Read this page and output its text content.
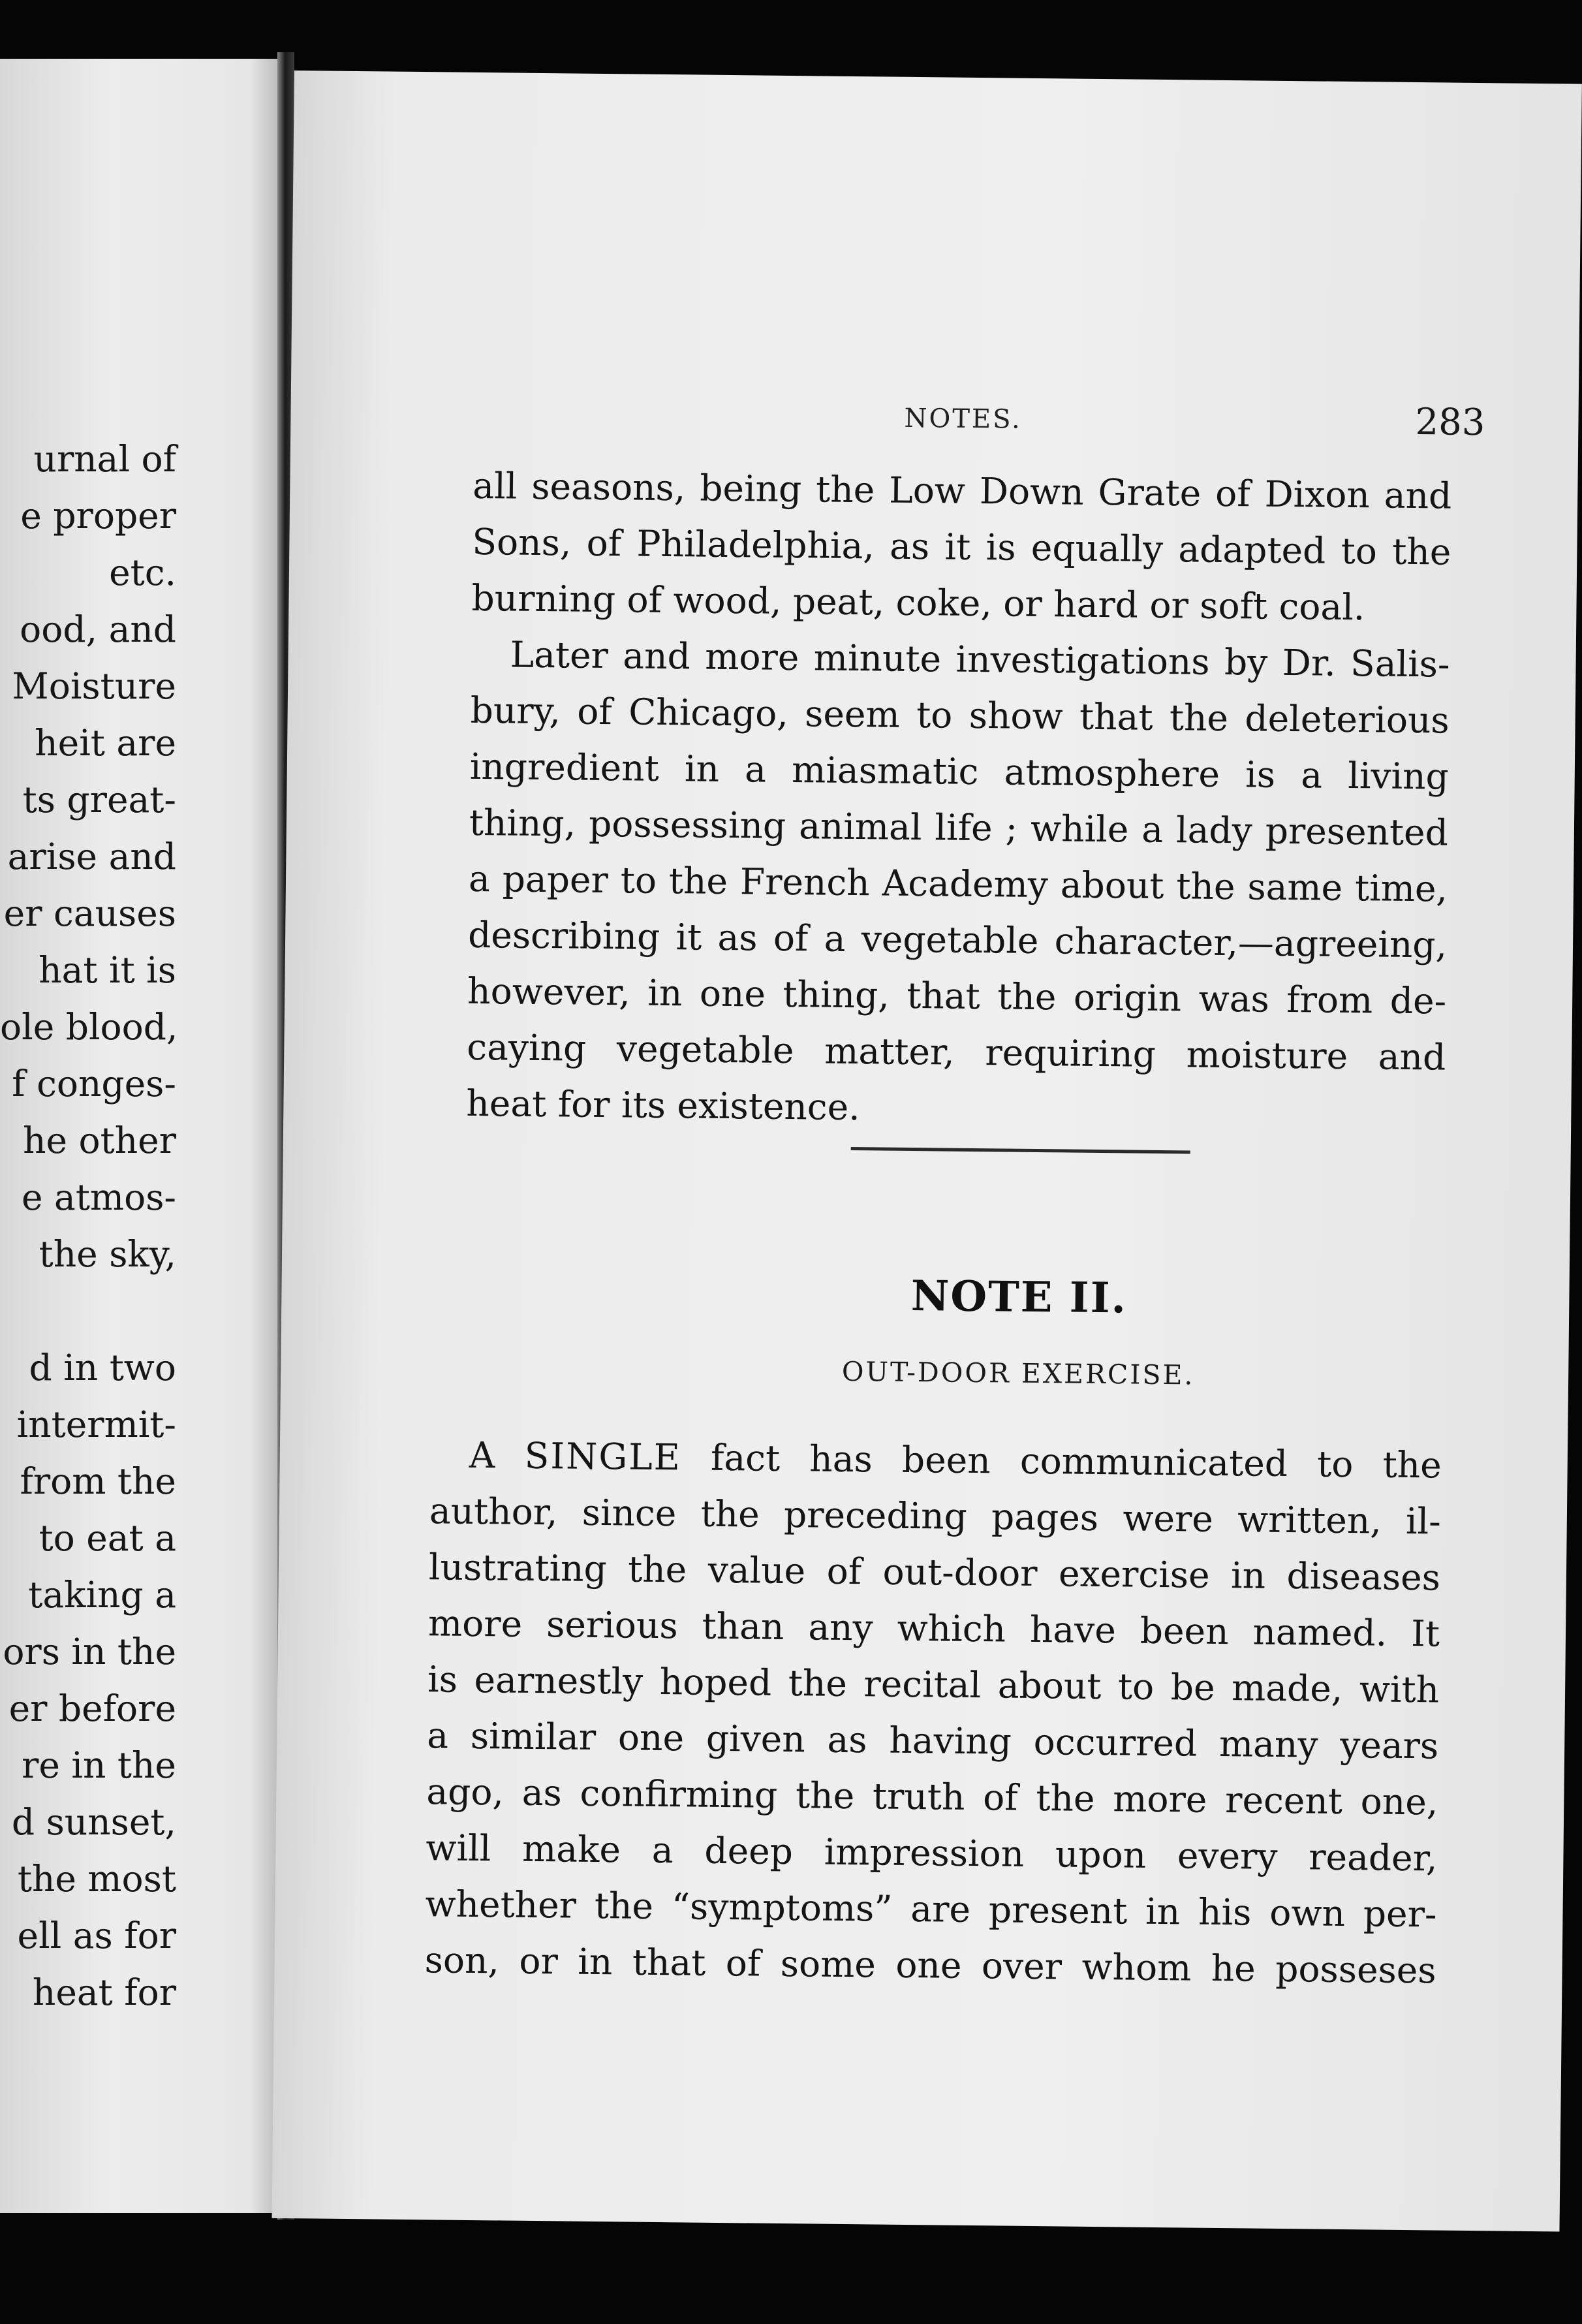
urnal of
e proper
etc.
ood, and
Moisture
heit are
ts great-
arise and
er causes
hat it is
ole blood,
f conges-
he other
e atmos-
the sky,
d in two
intermit-
from the
to eat a
taking a
ors in the
er before
re in the
d sunset,
the most
ell as for
heat for
NOTES.	283
all seasons, being the Low Down Grate of Dixon and
Sons, of Philadelphia, as it is equally adapted to the
burning of wood, peat, coke, or hard or soft coal.
Later and more minute investigations by Dr. Salis-
bury, of Chicago, seem to show that the deleterious
ingredient in a miasmatic atmosphere is a living
thing, possessing animal life ; while a lady presented
a paper to the French Academy about the same time,
describing it as of a vegetable character,—agreeing,
however, in one thing, that the origin was from de-
caying vegetable matter, requiring moisture and
heat for its existence.
NOTE II.
OUT-DOOR EXERCISE.
A SINGLE fact has been communicated to the
author, since the preceding pages were written, il-
lustrating the value of out-door exercise in diseases
more serious than any which have been named. It
is earnestly hoped the recital about to be made, with
a similar one given as having occurred many years
ago, as confirming the truth of the more recent one,
will make a deep impression upon every reader,
whether the “symptoms” are present in his own per-
son, or in that of some one over whom he posseses
